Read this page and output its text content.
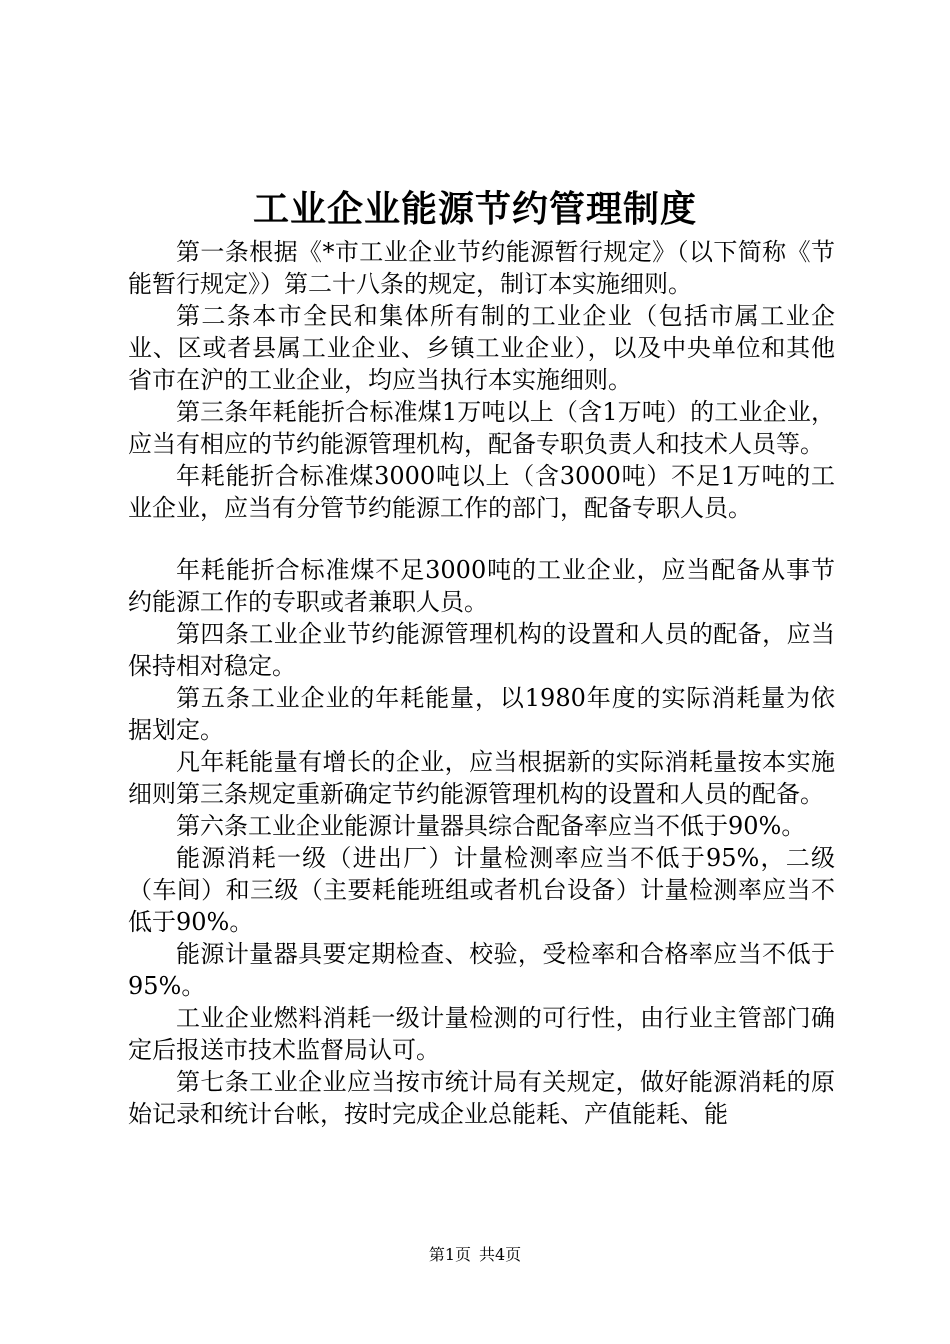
工业企业能源节约管理制度

第一条根据《*市工业企业节约能源暂行规定》（以下简称《节能暂行规定》）第二十八条的规定，制订本实施细则。

第二条本市全民和集体所有制的工业企业（包括市属工业企业、区或者县属工业企业、乡镇工业企业），以及中央单位和其他省市在沪的工业企业，均应当执行本实施细则。

第三条年耗能折合标准煤1万吨以上（含1万吨）的工业企业，应当有相应的节约能源管理机构，配备专职负责人和技术人员等。

年耗能折合标准煤3000吨以上（含3000吨）不足1万吨的工业企业，应当有分管节约能源工作的部门，配备专职人员。

年耗能折合标准煤不足3000吨的工业企业，应当配备从事节约能源工作的专职或者兼职人员。

第四条工业企业节约能源管理机构的设置和人员的配备，应当保持相对稳定。

第五条工业企业的年耗能量，以1980年度的实际消耗量为依据划定。

凡年耗能量有增长的企业，应当根据新的实际消耗量按本实施细则第三条规定重新确定节约能源管理机构的设置和人员的配备。

第六条工业企业能源计量器具综合配备率应当不低于90%。

能源消耗一级（进出厂）计量检测率应当不低于95%，二级（车间）和三级（主要耗能班组或者机台设备）计量检测率应当不低于90%。

能源计量器具要定期检查、校验，受检率和合格率应当不低于95%。

工业企业燃料消耗一级计量检测的可行性，由行业主管部门确定后报送市技术监督局认可。

第七条工业企业应当按市统计局有关规定，做好能源消耗的原始记录和统计台帐，按时完成企业总能耗、产值能耗、能

第1页 共4页
